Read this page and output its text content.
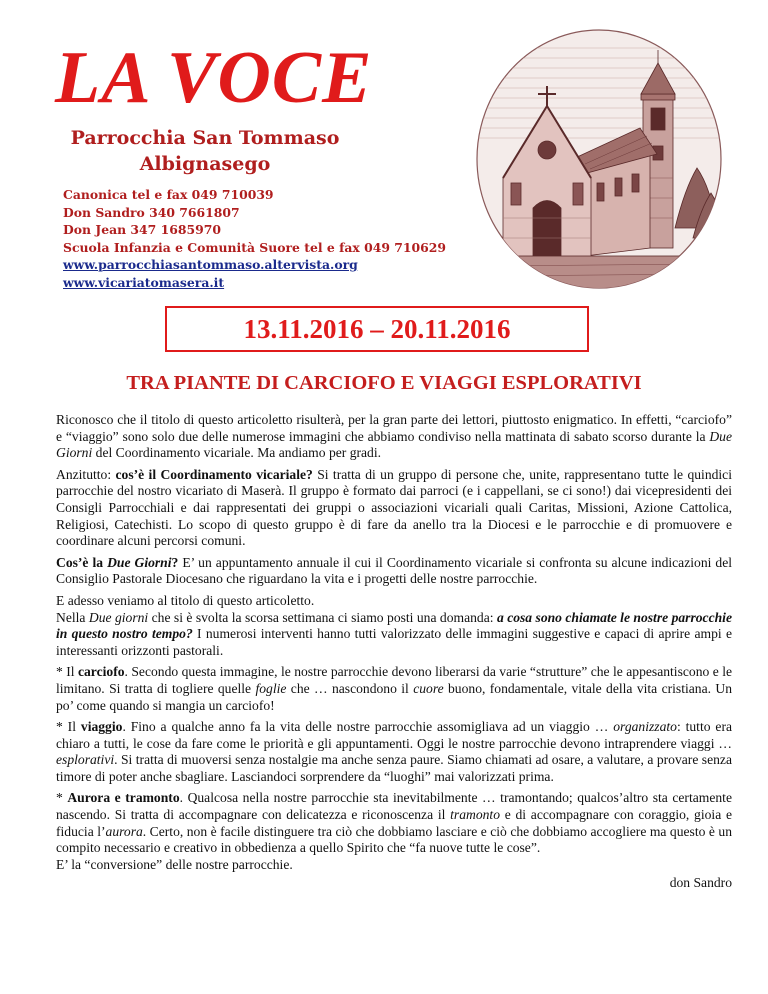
LA VOCE
Parrocchia San Tommaso
Albignasego
Canonica tel e fax 049 710039
Don Sandro 340 7661807
Don Jean 347 1685970
Scuola Infanzia e Comunità Suore tel e fax 049 710629
www.parrocchiasantommaso.altervista.org
www.vicariatomasera.it
13.11.2016 – 20.11.2016
TRA PIANTE DI CARCIOFO E VIAGGI ESPLORATIVI

Riconosco che il titolo di questo articoletto risulterà, per la gran parte dei lettori, piuttosto enigmatico. In effetti, “carciofo” e “viaggio” sono solo due delle numerose immagini che abbiamo condiviso nella mattinata di sabato scorso durante la Due Giorni del Coordinamento vicariale. Ma andiamo per gradi.

Anzitutto: cos’è il Coordinamento vicariale? Si tratta di un gruppo di persone che, unite, rappresentano tutte le quindici parrocchie del nostro vicariato di Maserà. Il gruppo è formato dai parroci (e i cappellani, se ci sono!) dai vicepresidenti dei Consigli Parrocchiali e dai rappresentati dei gruppi o associazioni vicariali quali Caritas, Missioni, Azione Cattolica, Religiosi, Catechisti. Lo scopo di questo gruppo è di fare da anello tra la Diocesi e le parrocchie e di promuovere e coordinare alcuni percorsi comuni.

Cos’è la Due Giorni? E’ un appuntamento annuale il cui il Coordinamento vicariale si confronta su alcune indicazioni del Consiglio Pastorale Diocesano che riguardano la vita e i progetti delle nostre parrocchie.

E adesso veniamo al titolo di questo articoletto.

Nella Due giorni che si è svolta la scorsa settimana ci siamo posti una domanda: a cosa sono chiamate le nostre parrocchie in questo nostro tempo? I numerosi interventi hanno tutti valorizzato delle immagini suggestive e capaci di aprire ampi e interessanti orizzonti pastorali.

* Il carciofo. Secondo questa immagine, le nostre parrocchie devono liberarsi da varie “strutture” che le appesantiscono e le limitano. Si tratta di togliere quelle foglie che … nascondono il cuore buono, fondamentale, vitale della vita cristiana. Un po’ come quando si mangia un carciofo!

* Il viaggio. Fino a qualche anno fa la vita delle nostre parrocchie assomigliava ad un viaggio … organizzato: tutto era chiaro a tutti, le cose da fare come le priorità e gli appuntamenti. Oggi le nostre parrocchie devono intraprendere viaggi … esplorativi. Si tratta di muoversi senza nostalgie ma anche senza paure. Siamo chiamati ad osare, a valutare, a provare senza timore di poter anche sbagliare. Lasciandoci sorprendere da “luoghi” mai valorizzati prima.

* Aurora e tramonto. Qualcosa nella nostre parrocchie sta inevitabilmente … tramontando; qualcos’altro sta certamente nascendo. Si tratta di accompagnare con delicatezza e riconoscenza il tramonto e di accompagnare con coraggio, gioia e fiducia l’aurora. Certo, non è facile distinguere tra ciò che dobbiamo lasciare e ciò che dobbiamo accogliere ma questo è un compito necessario e creativo in obbedienza a quello Spirito che “fa nuove tutte le cose”.

E’ la “conversione” delle nostre parrocchie.

don Sandro
